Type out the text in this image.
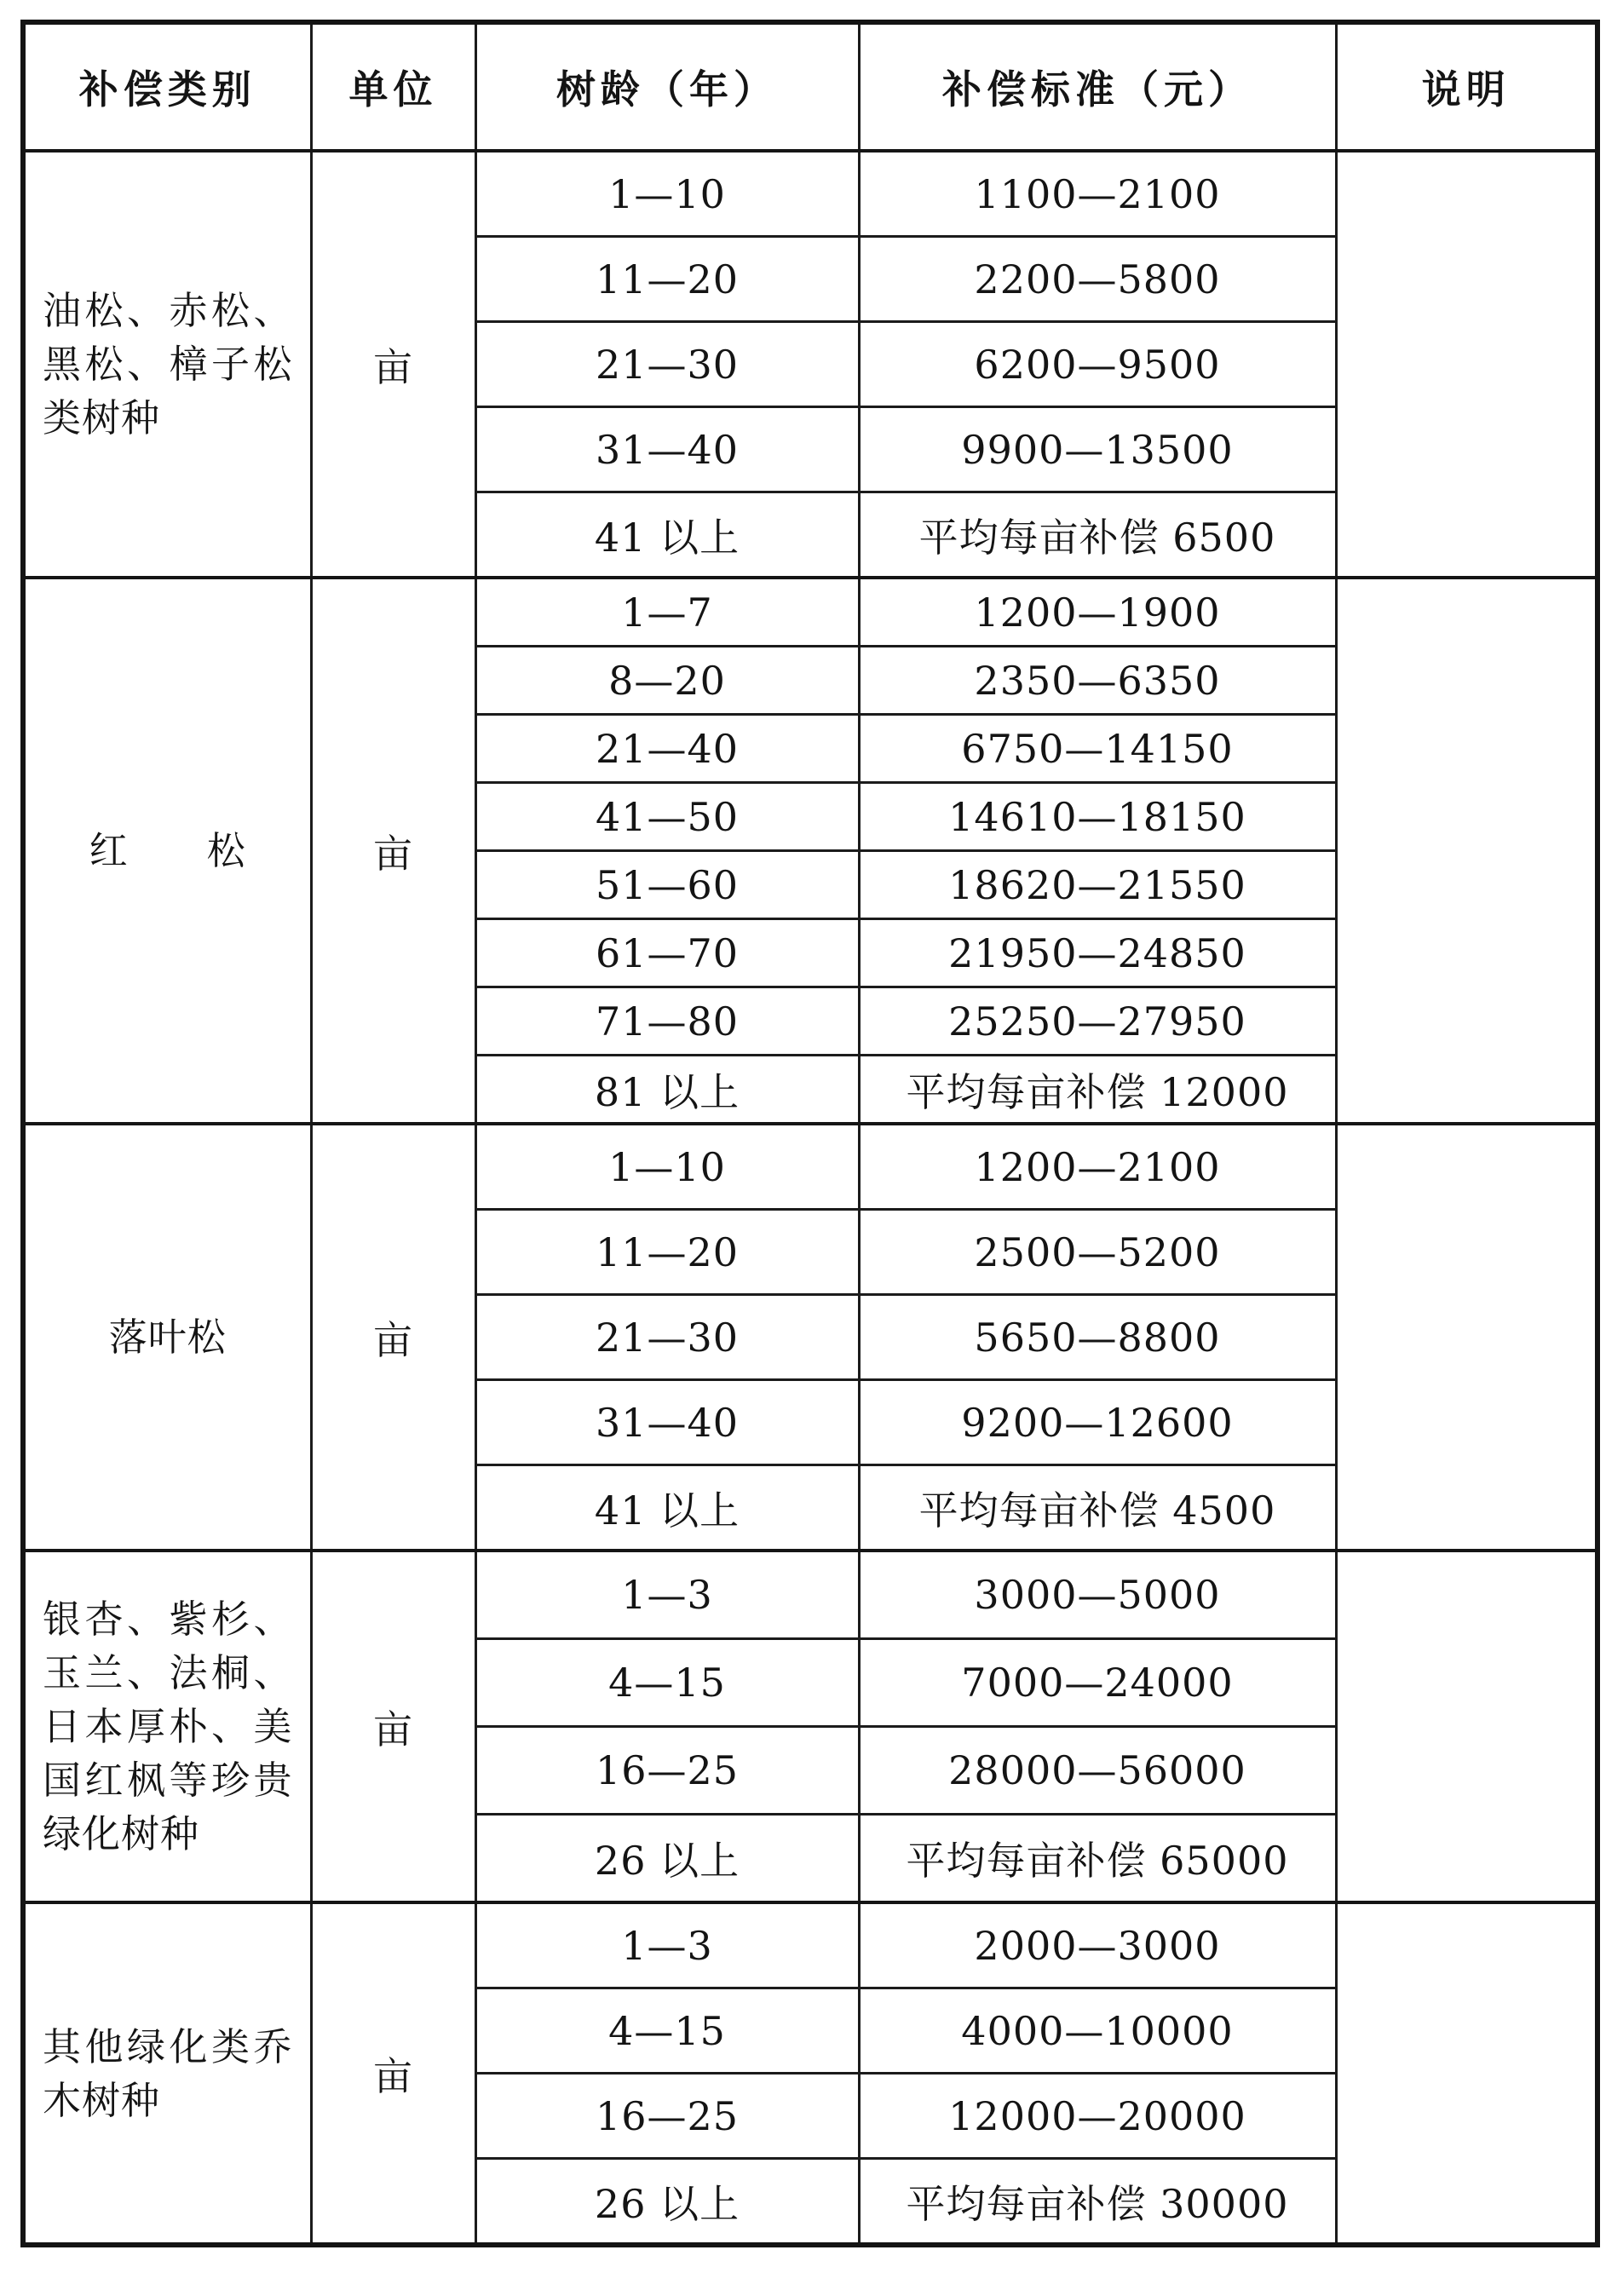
补偿类别	单位	树龄（年）	补偿标准（元）	说明

油松、赤松、黑松、樟子松类树种	亩	1—10	1100—2100	
		11—20	2200—5800	
		21—30	6200—9500	
		31—40	9900—13500	
		41 以上	平均每亩补偿 6500	

红　　松	亩	1—7	1200—1900	
		8—20	2350—6350	
		21—40	6750—14150	
		41—50	14610—18150	
		51—60	18620—21550	
		61—70	21950—24850	
		71—80	25250—27950	
		81 以上	平均每亩补偿 12000	

落叶松	亩	1—10	1200—2100	
		11—20	2500—5200	
		21—30	5650—8800	
		31—40	9200—12600	
		41 以上	平均每亩补偿 4500	

银杏、紫杉、玉兰、法桐、日本厚朴、美国红枫等珍贵绿化树种	亩	1—3	3000—5000	
		4—15	7000—24000	
		16—25	28000—56000	
		26 以上	平均每亩补偿 65000	

其他绿化类乔木树种	亩	1—3	2000—3000	
		4—15	4000—10000	
		16—25	12000—20000	
		26 以上	平均每亩补偿 30000	
